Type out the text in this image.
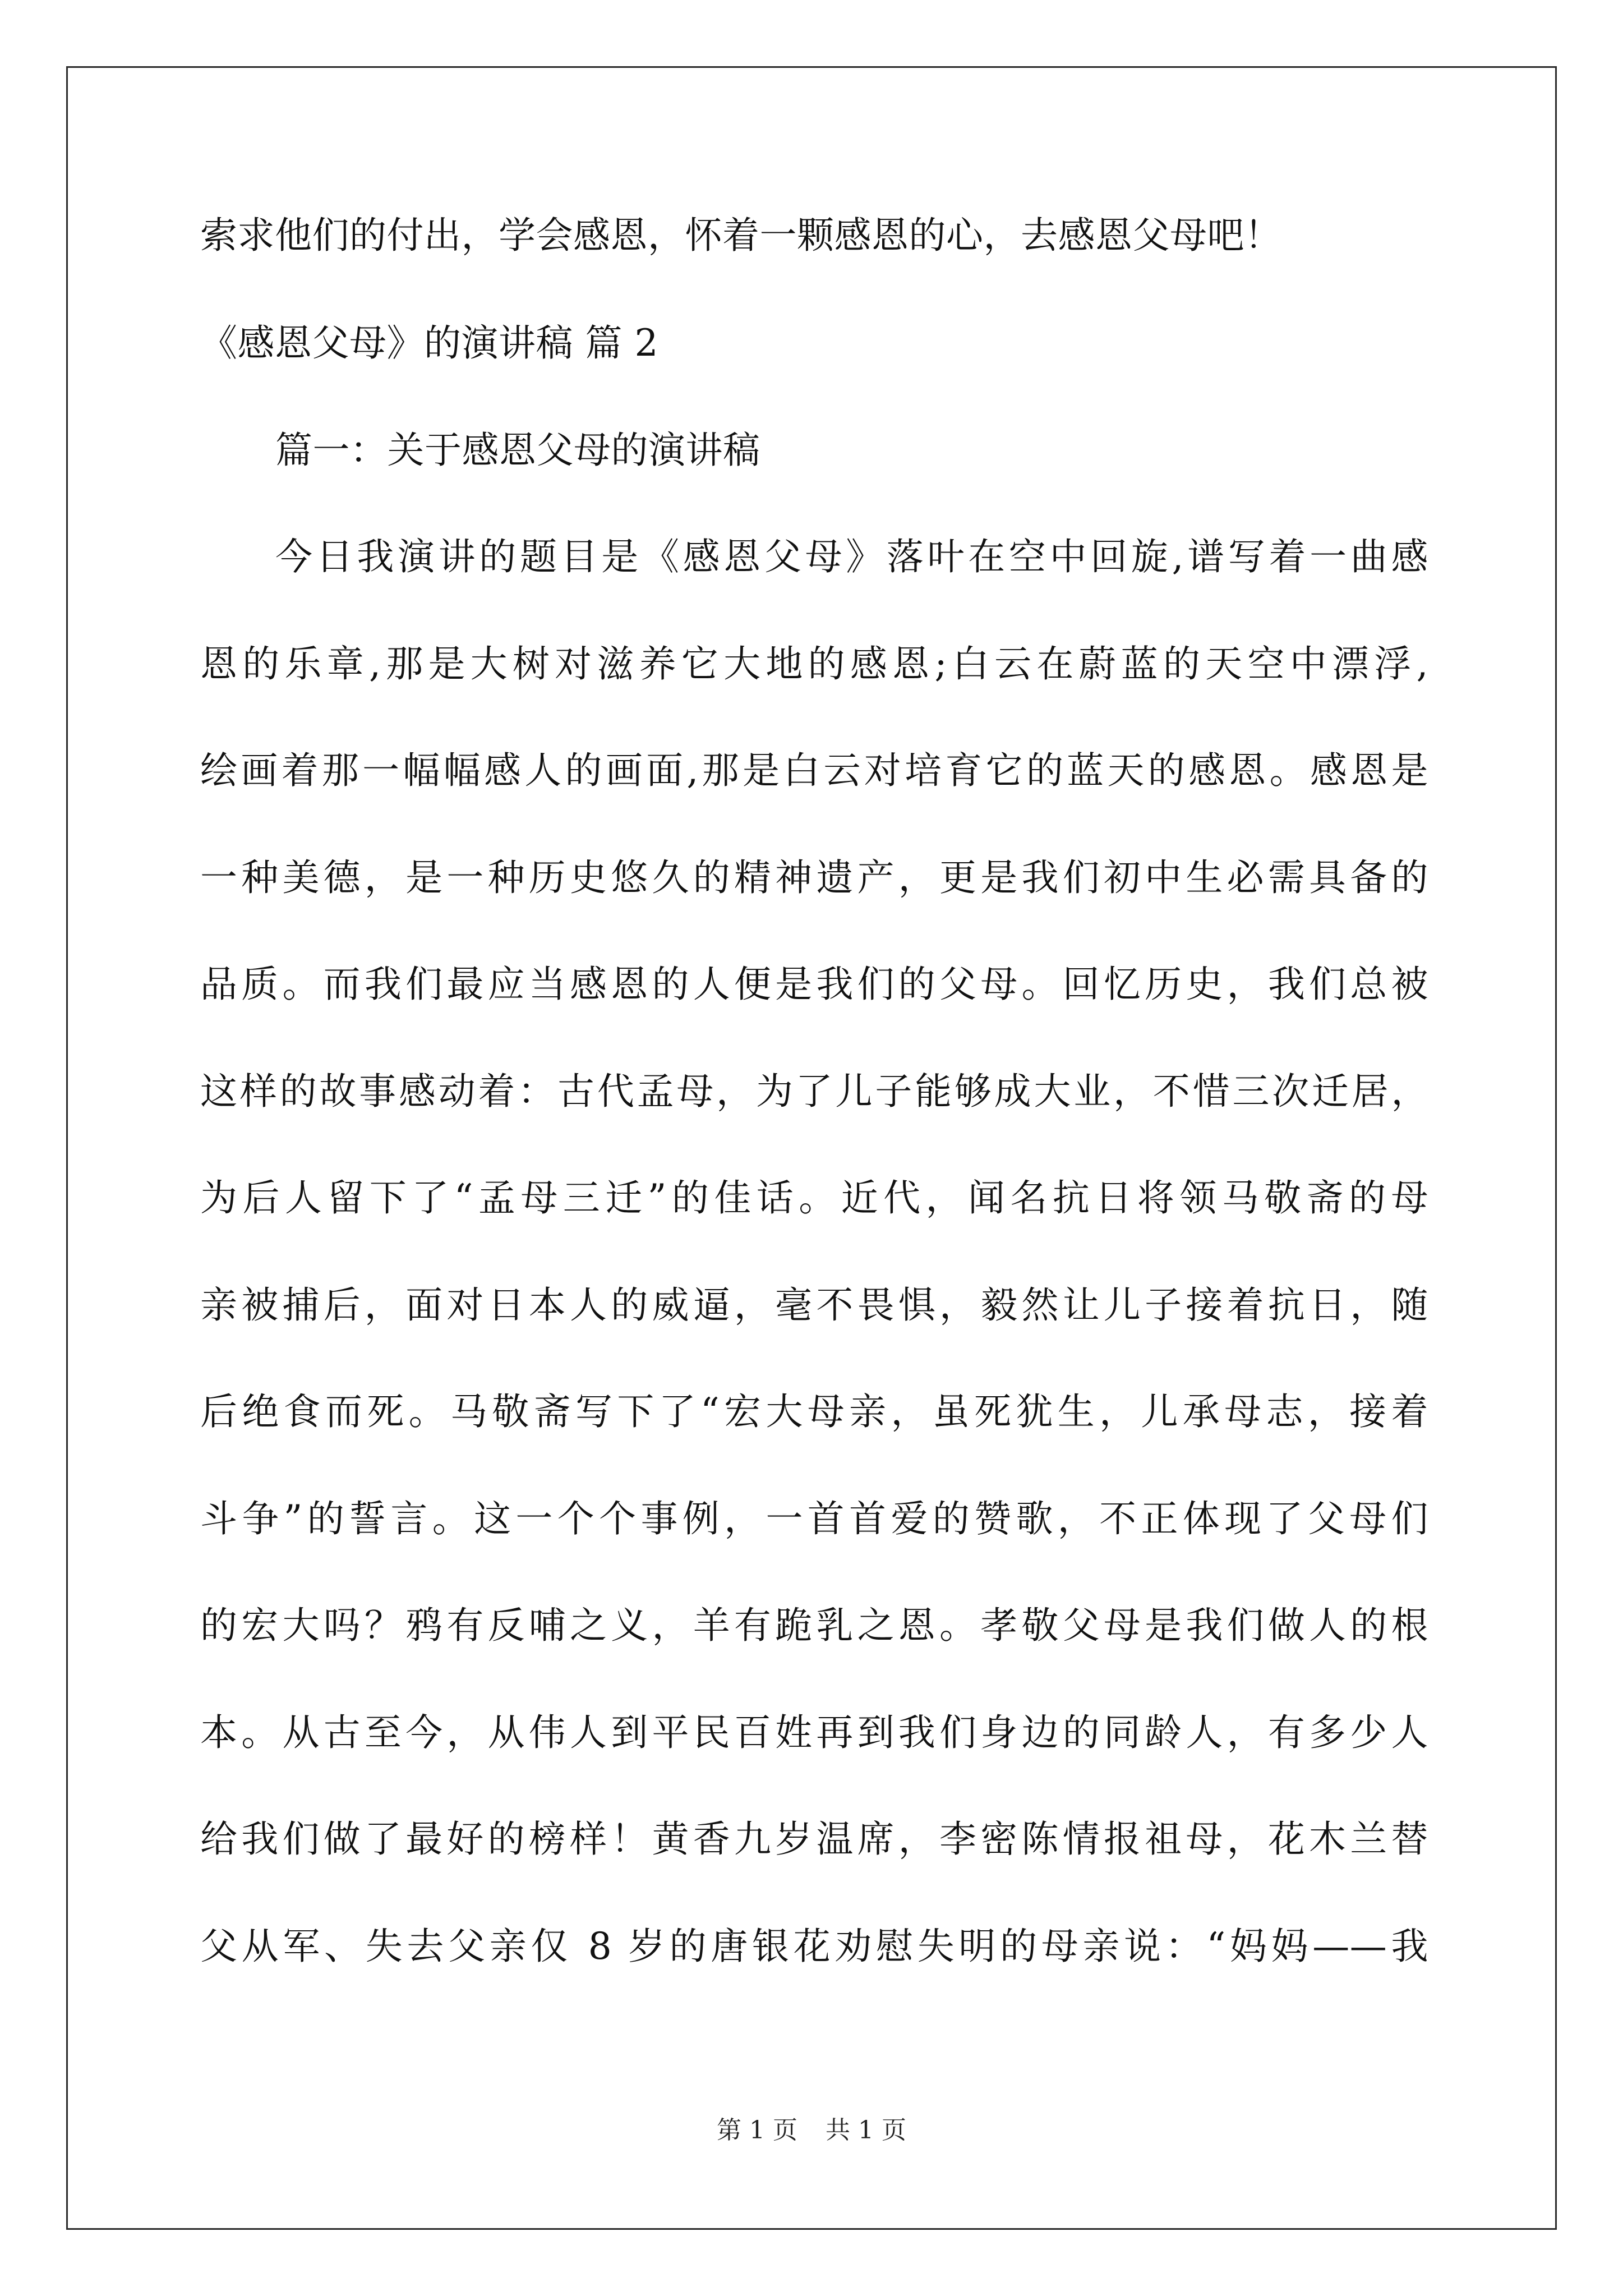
索求他们的付出，学会感恩，怀着一颗感恩的心，去感恩父母吧！
《感恩父母》的演讲稿 篇 2
篇一：关于感恩父母的演讲稿
今日我演讲的题目是《感恩父母》落叶在空中回旋,谱写着一曲感
恩的乐章,那是大树对滋养它大地的感恩;白云在蔚蓝的天空中漂浮,
绘画着那一幅幅感人的画面,那是白云对培育它的蓝天的感恩。感恩是
一种美德，是一种历史悠久的精神遗产，更是我们初中生必需具备的
品质。而我们最应当感恩的人便是我们的父母。回忆历史，我们总被
这样的故事感动着：古代孟母，为了儿子能够成大业，不惜三次迁居，
为后人留下了“孟母三迁”的佳话。近代，闻名抗日将领马敬斋的母
亲被捕后，面对日本人的威逼，毫不畏惧，毅然让儿子接着抗日，随
后绝食而死。马敬斋写下了“宏大母亲，虽死犹生，儿承母志，接着
斗争”的誓言。这一个个事例，一首首爱的赞歌，不正体现了父母们
的宏大吗？鸦有反哺之义，羊有跪乳之恩。孝敬父母是我们做人的根
本。从古至今，从伟人到平民百姓再到我们身边的同龄人，有多少人
给我们做了最好的榜样！黄香九岁温席，李密陈情报祖母，花木兰替
父从军、失去父亲仅 8 岁的唐银花劝慰失明的母亲说：“妈妈——我
第 1 页 共 1 页
